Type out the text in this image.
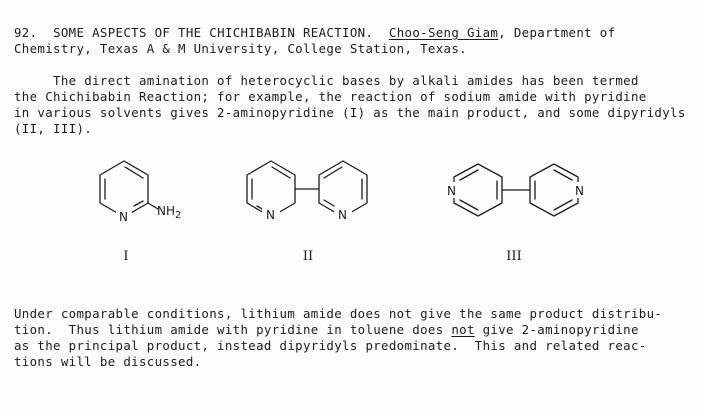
92. SOME ASPECTS OF THE CHICHIBABIN REACTION. Choo-Seng Giam, Department of
Chemistry, Texas A & M University, College Station, Texas.
The direct amination of heterocyclic bases by alkali amides has been termed
the Chichibabin Reaction; for example, the reaction of sodium amide with pyridine
in various solvents gives 2-aminopyridine (I) as the main product, and some dipyridyls
(II, III).
N $NH_2$	N	N
N	N
I	II	III
Under comparable conditions, lithium amide does not give the same product distribu-
tion.  Thus lithium amide with pyridine in toluene does not give 2-aminopyridine
as the principal product, instead dipyridyls predominate.  This and related reac-
tions will be discussed.
